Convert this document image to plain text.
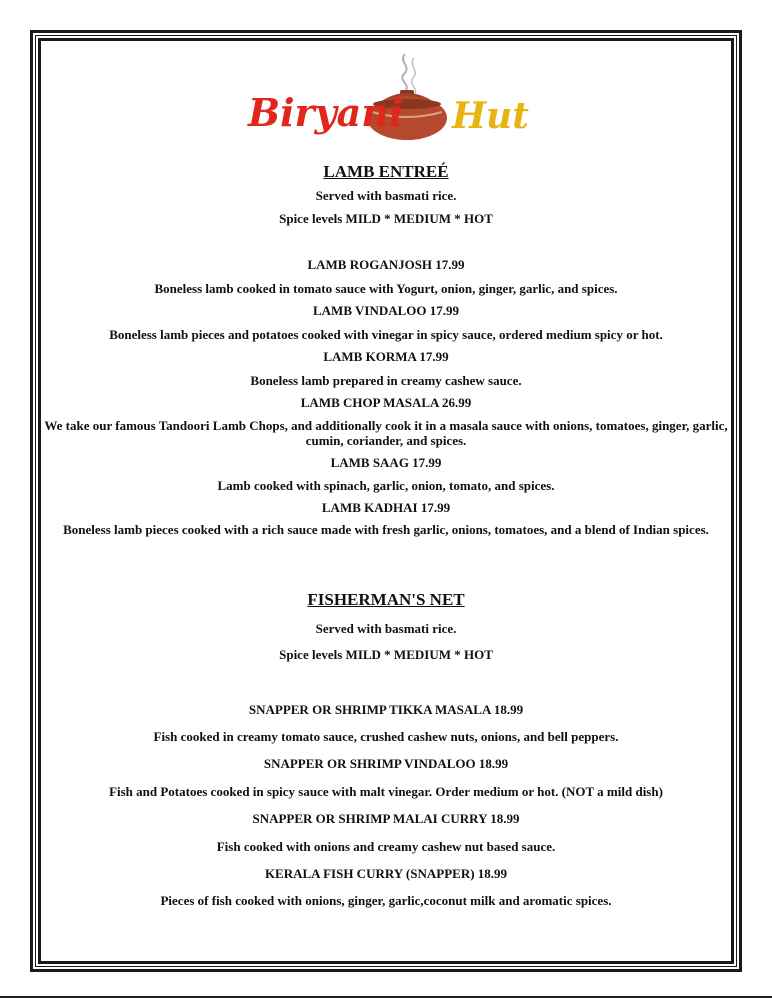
Biryani Hut
LAMB ENTREÉ
Served with basmati rice.
Spice levels MILD * MEDIUM * HOT
LAMB ROGANJOSH 17.99
Boneless lamb cooked in tomato sauce with Yogurt, onion, ginger, garlic, and spices.
LAMB VINDALOO 17.99
Boneless lamb pieces and potatoes cooked with vinegar in spicy sauce, ordered medium spicy or hot.
LAMB KORMA 17.99
Boneless lamb prepared in creamy cashew sauce.
LAMB CHOP MASALA 26.99
We take our famous Tandoori Lamb Chops, and additionally cook it in a masala sauce with onions, tomatoes, ginger, garlic, cumin, coriander, and spices.
LAMB SAAG 17.99
Lamb cooked with spinach, garlic, onion, tomato, and spices.
LAMB KADHAI 17.99
Boneless lamb pieces cooked with a rich sauce made with fresh garlic, onions, tomatoes, and a blend of Indian spices.
FISHERMAN'S NET
Served with basmati rice.
Spice levels MILD * MEDIUM * HOT
SNAPPER OR SHRIMP TIKKA MASALA 18.99
Fish cooked in creamy tomato sauce, crushed cashew nuts, onions, and bell peppers.
SNAPPER OR SHRIMP VINDALOO 18.99
Fish and Potatoes cooked in spicy sauce with malt vinegar. Order medium or hot. (NOT a mild dish)
SNAPPER OR SHRIMP MALAI CURRY 18.99
Fish cooked with onions and creamy cashew nut based sauce.
KERALA FISH CURRY (SNAPPER) 18.99
Pieces of fish cooked with onions, ginger, garlic,coconut milk and aromatic spices.
